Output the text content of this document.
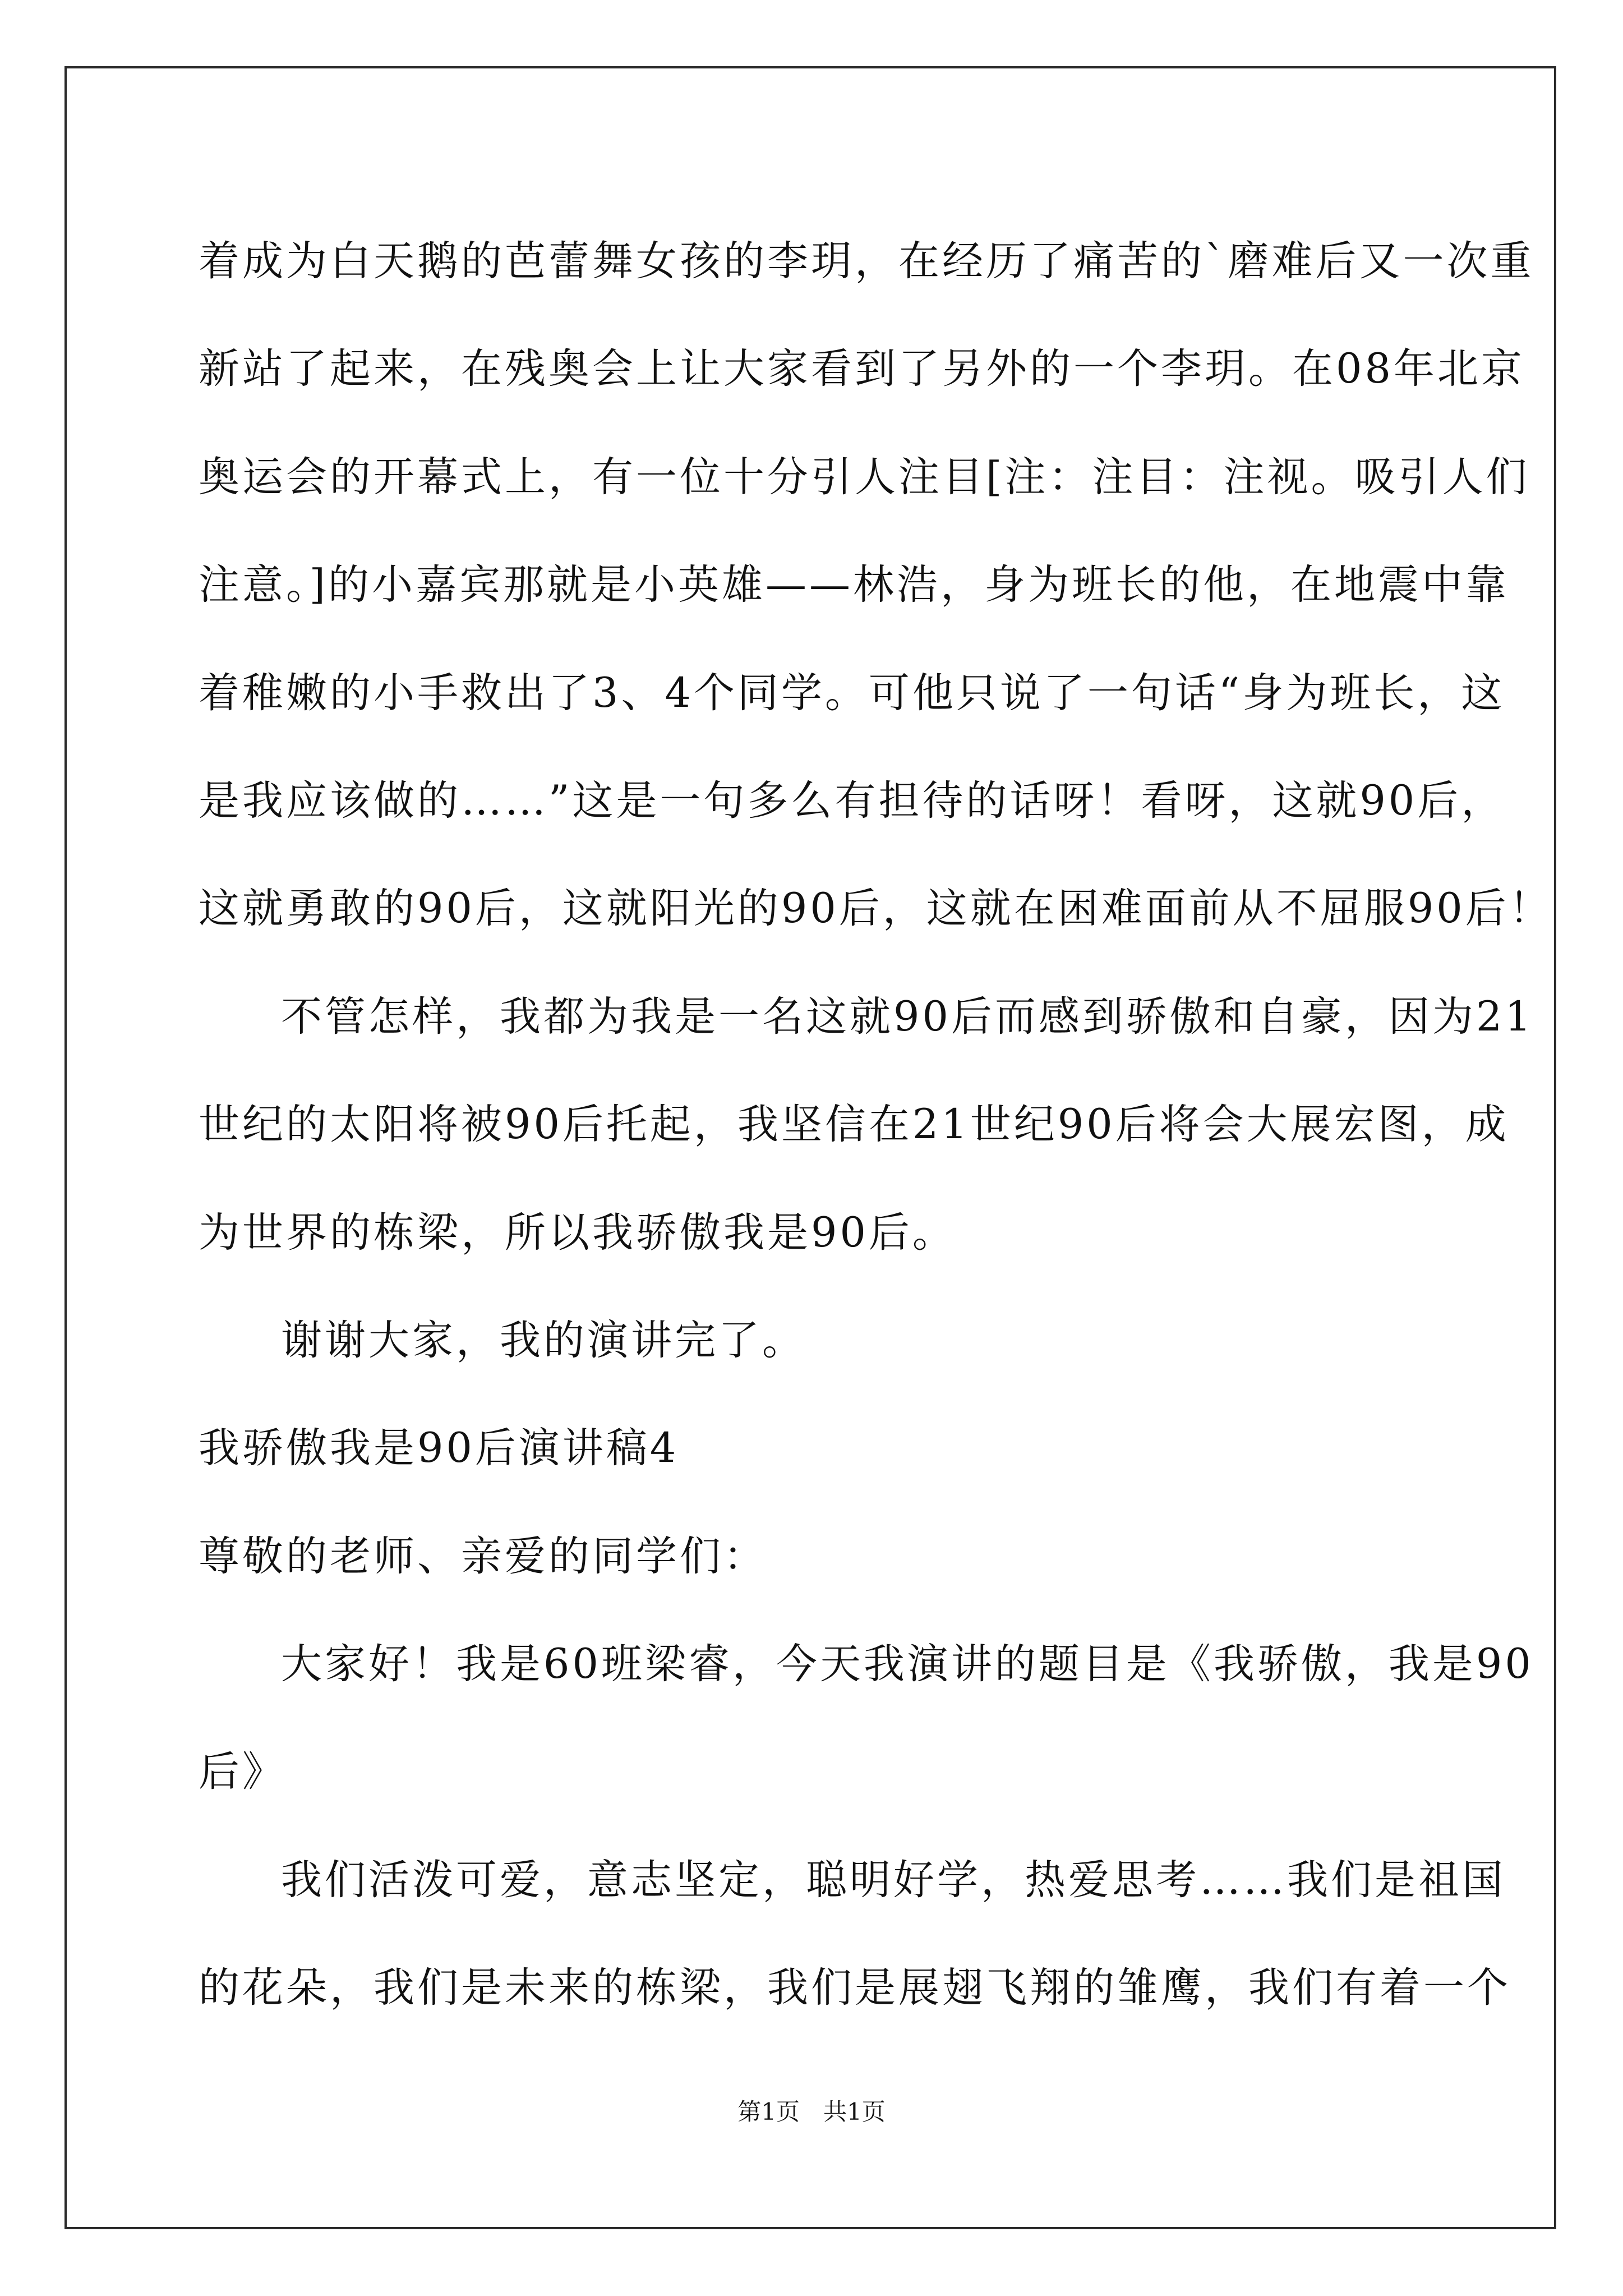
着成为白天鹅的芭蕾舞女孩的李玥，在经历了痛苦的`磨难后又一次重
新站了起来，在残奥会上让大家看到了另外的一个李玥。在08年北京
奥运会的开幕式上，有一位十分引人注目[注：注目：注视。吸引人们
注意。]的小嘉宾那就是小英雄——林浩，身为班长的他，在地震中靠
着稚嫩的小手救出了3、4个同学。可他只说了一句话“身为班长，这
是我应该做的……”这是一句多么有担待的话呀！看呀，这就90后，
这就勇敢的90后，这就阳光的90后，这就在困难面前从不屈服90后！
不管怎样，我都为我是一名这就90后而感到骄傲和自豪，因为21
世纪的太阳将被90后托起，我坚信在21世纪90后将会大展宏图，成
为世界的栋梁，所以我骄傲我是90后。
谢谢大家，我的演讲完了。
我骄傲我是90后演讲稿4
尊敬的老师、亲爱的同学们：
大家好！我是60班梁睿，今天我演讲的题目是《我骄傲，我是90
后》
我们活泼可爱，意志坚定，聪明好学，热爱思考……我们是祖国
的花朵，我们是未来的栋梁，我们是展翅飞翔的雏鹰，我们有着一个
第1页　共1页
